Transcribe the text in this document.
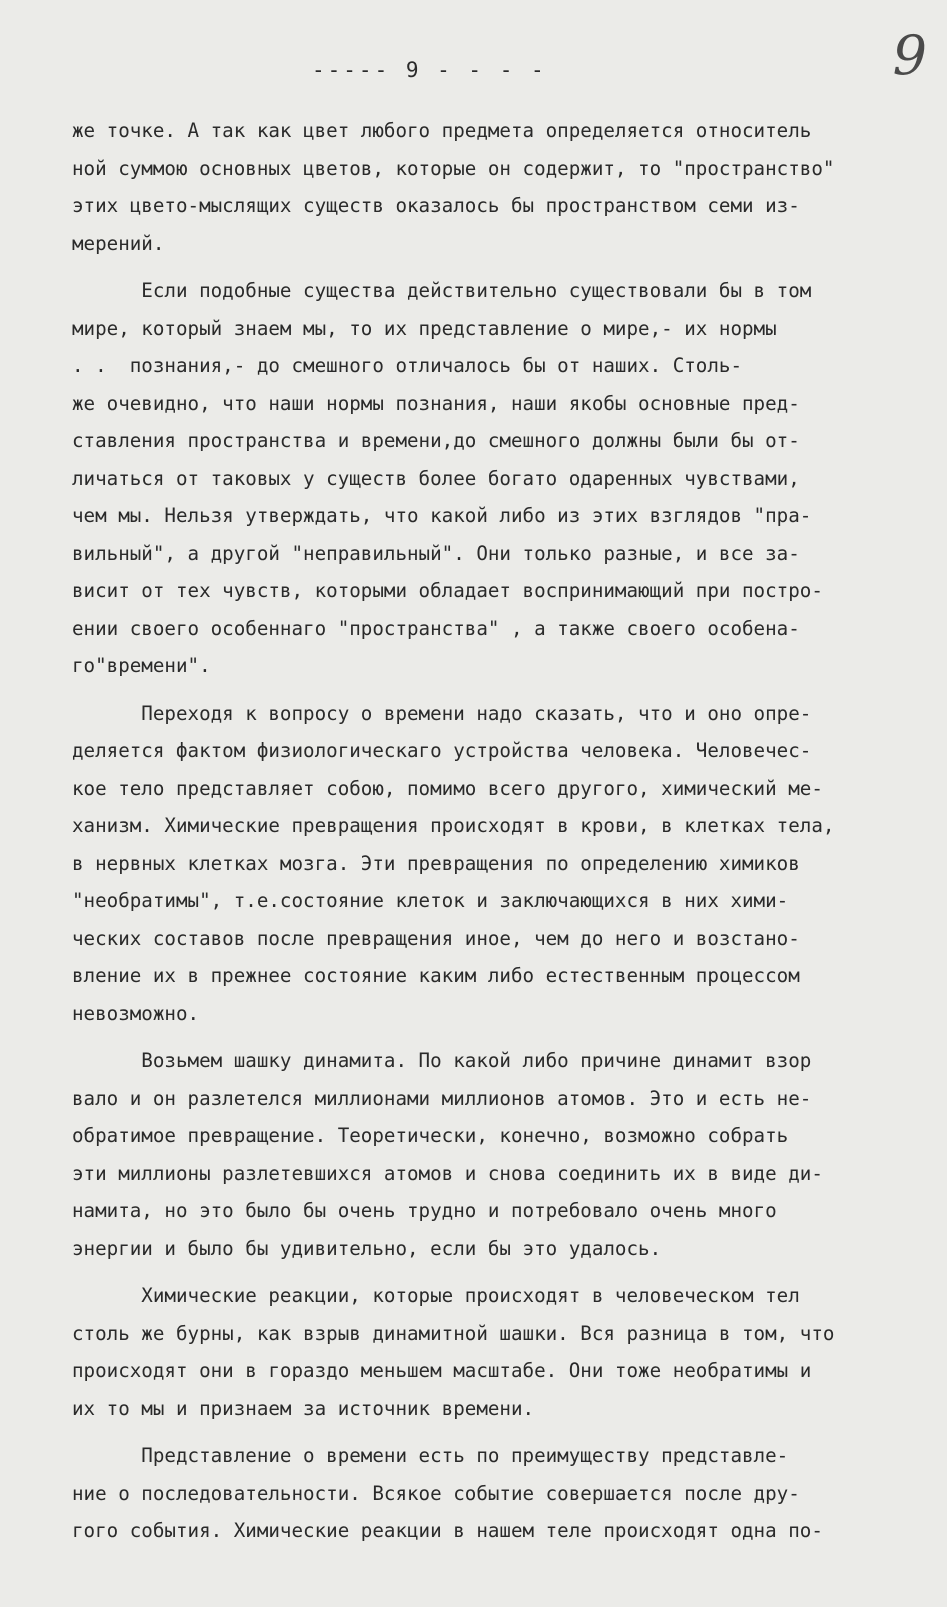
----- 9 - - - -	9
же точке. А так как цвет любого предмета определяется относитель
ной суммою основных цветов, которые он содержит, то "пространство"
этих цвето-мыслящих существ оказалось бы пространством семи из-
мерений.
Если подобные существа действительно существовали бы в том
мире, который знаем мы, то их представление о мире,- их нормы
. .  познания,- до смешного отличалось бы от наших. Столь-
же очевидно, что наши нормы познания, наши якобы основные пред-
ставления пространства и времени,до смешного должны были бы от-
личаться от таковых у существ более богато одаренных чувствами,
чем мы. Нельзя утверждать, что какой либо из этих взглядов "пра-
вильный", а другой "неправильный". Они только разные, и все за-
висит от тех чувств, которыми обладает воспринимающий при постро-
ении своего особеннаго "пространства" , а также своего особена-
го"времени".
Переходя к вопросу о времени надо сказать, что и оно опре-
деляется фактом физиологическаго устройства человека. Человечес-
кое тело представляет собою, помимо всего другого, химический ме-
ханизм. Химические превращения происходят в крови, в клетках тела,
в нервных клетках мозга. Эти превращения по определению химиков
"необратимы", т.е.состояние клеток и заключающихся в них хими-
ческих составов после превращения иное, чем до него и возстано-
вление их в прежнее состояние каким либо естественным процессом
невозможно.
Возьмем шашку динамита. По какой либо причине динамит взор
вало и он разлетелся миллионами миллионов атомов. Это и есть не-
обратимое превращение. Теоретически, конечно, возможно собрать
эти миллионы разлетевшихся атомов и снова соединить их в виде ди-
намита, но это было бы очень трудно и потребовало очень много
энергии и было бы удивительно, если бы это удалось.
Химические реакции, которые происходят в человеческом тел
столь же бурны, как взрыв динамитной шашки. Вся разница в том, что
происходят они в гораздо меньшем масштабе. Они тоже необратимы и
их то мы и признаем за источник времени.
Представление о времени есть по преимуществу представле-
ние о последовательности. Всякое событие совершается после дру-
гого события. Химические реакции в нашем теле происходят одна по-
